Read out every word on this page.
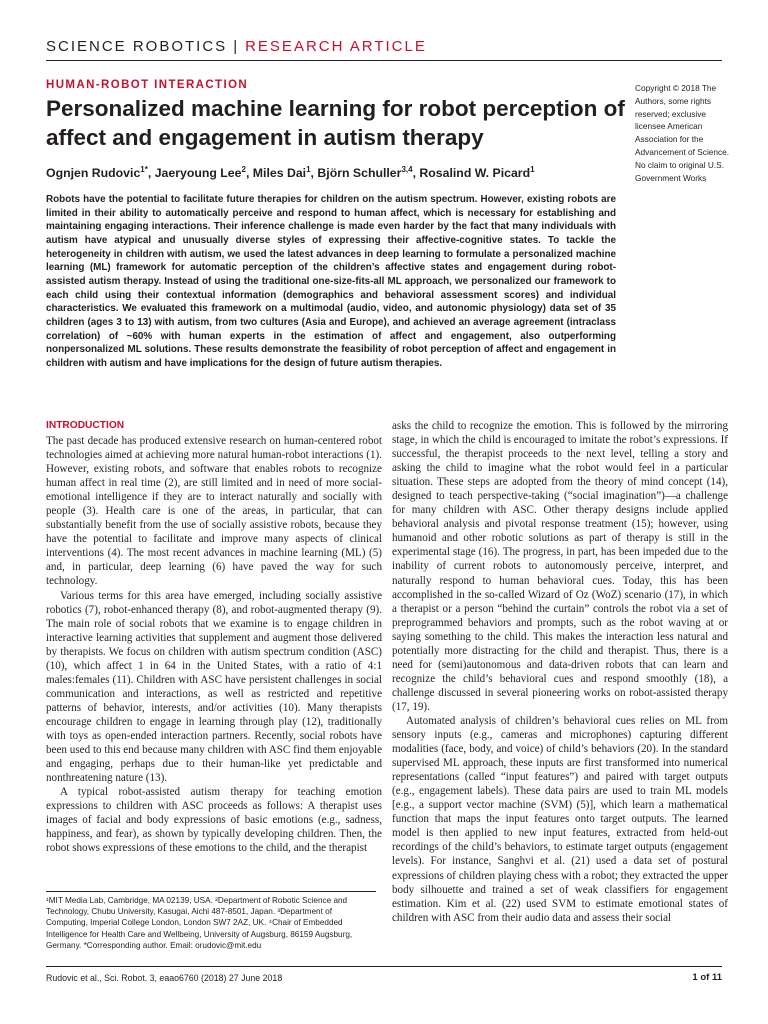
SCIENCE ROBOTICS | RESEARCH ARTICLE
HUMAN-ROBOT INTERACTION
Personalized machine learning for robot perception of affect and engagement in autism therapy
Ognjen Rudovic$^{1*}$, Jaeryoung Lee$^2$, Miles Dai$^1$, Björn Schuller$^{3,4}$, Rosalind W. Picard$^1$
Copyright © 2018 The Authors, some rights reserved; exclusive licensee American Association for the Advancement of Science. No claim to original U.S. Government Works

Robots have the potential to facilitate future therapies for children on the autism spectrum. However, existing robots are limited in their ability to automatically perceive and respond to human affect, which is necessary for establishing and maintaining engaging interactions. Their inference challenge is made even harder by the fact that many individuals with autism have atypical and unusually diverse styles of expressing their affective-cognitive states. To tackle the heterogeneity in children with autism, we used the latest advances in deep learning to formulate a personalized machine learning (ML) framework for automatic perception of the children’s affective states and engagement during robot-assisted autism therapy. Instead of using the traditional one-size-fits-all ML approach, we personalized our framework to each child using their contextual information (demographics and behavioral assessment scores) and individual characteristics. We evaluated this framework on a multimodal (audio, video, and autonomic physiology) data set of 35 children (ages 3 to 13) with autism, from two cultures (Asia and Europe), and achieved an average agreement (intraclass correlation) of ~60% with human experts in the estimation of affect and engagement, also outperforming nonpersonalized ML solutions. These results demonstrate the feasibility of robot perception of affect and engagement in children with autism and have implications for the design of future autism therapies.

INTRODUCTION

The past decade has produced extensive research on human-centered robot technologies aimed at achieving more natural human-robot interactions (1). However, existing robots, and software that enables robots to recognize human affect in real time (2), are still limited and in need of more social-emotional intelligence if they are to interact naturally and socially with people (3). Health care is one of the areas, in particular, that can substantially benefit from the use of socially assistive robots, because they have the potential to facilitate and improve many aspects of clinical interventions (4). The most recent advances in machine learning (ML) (5) and, in particular, deep learning (6) have paved the way for such technology.

Various terms for this area have emerged, including socially assistive robotics (7), robot-enhanced therapy (8), and robot-augmented therapy (9). The main role of social robots that we examine is to engage children in interactive learning activities that supplement and augment those delivered by therapists. We focus on children with autism spectrum condition (ASC) (10), which affect 1 in 64 in the United States, with a ratio of 4:1 males:females (11). Children with ASC have persistent challenges in social communication and interactions, as well as restricted and repetitive patterns of behavior, interests, and/or activities (10). Many therapists encourage children to engage in learning through play (12), traditionally with toys as open-ended interaction partners. Recently, social robots have been used to this end because many children with ASC find them enjoyable and engaging, perhaps due to their human-like yet predictable and nonthreatening nature (13).

A typical robot-assisted autism therapy for teaching emotion expressions to children with ASC proceeds as follows: A therapist uses images of facial and body expressions of basic emotions (e.g., sadness, happiness, and fear), as shown by typically developing children. Then, the robot shows expressions of these emotions to the child, and the therapist

asks the child to recognize the emotion. This is followed by the mirroring stage, in which the child is encouraged to imitate the robot’s expressions. If successful, the therapist proceeds to the next level, telling a story and asking the child to imagine what the robot would feel in a particular situation. These steps are adopted from the theory of mind concept (14), designed to teach perspective-taking (“social imagination”)—a challenge for many children with ASC. Other therapy designs include applied behavioral analysis and pivotal response treatment (15); however, using humanoid and other robotic solutions as part of therapy is still in the experimental stage (16). The progress, in part, has been impeded due to the inability of current robots to autonomously perceive, interpret, and naturally respond to human behavioral cues. Today, this has been accomplished in the so-called Wizard of Oz (WoZ) scenario (17), in which a therapist or a person “behind the curtain” controls the robot via a set of preprogrammed behaviors and prompts, such as the robot waving at or saying something to the child. This makes the interaction less natural and potentially more distracting for the child and therapist. Thus, there is a need for (semi)autonomous and data-driven robots that can learn and recognize the child’s behavioral cues and respond smoothly (18), a challenge discussed in several pioneering works on robot-assisted therapy (17, 19).

Automated analysis of children’s behavioral cues relies on ML from sensory inputs (e.g., cameras and microphones) capturing different modalities (face, body, and voice) of child’s behaviors (20). In the standard supervised ML approach, these inputs are first transformed into numerical representations (called “input features”) and paired with target outputs (e.g., engagement labels). These data pairs are used to train ML models [e.g., a support vector machine (SVM) (5)], which learn a mathematical function that maps the input features onto target outputs. The learned model is then applied to new input features, extracted from held-out recordings of the child’s behaviors, to estimate target outputs (engagement levels). For instance, Sanghvi et al. (21) used a data set of postural expressions of children playing chess with a robot; they extracted the upper body silhouette and trained a set of weak classifiers for engagement estimation. Kim et al. (22) used SVM to estimate emotional states of children with ASC from their audio data and assess their social

¹MIT Media Lab, Cambridge, MA 02139, USA. ²Department of Robotic Science and Technology, Chubu University, Kasugai, Aichi 487-8501, Japan. ³Department of Computing, Imperial College London, London SW7 2AZ, UK. ⁴Chair of Embedded Intelligence for Health Care and Wellbeing, University of Augsburg, 86159 Augsburg, Germany. *Corresponding author. Email: orudovic@mit.edu

Rudovic et al., Sci. Robot. 3, eaao6760 (2018) 27 June 2018	1 of 11
